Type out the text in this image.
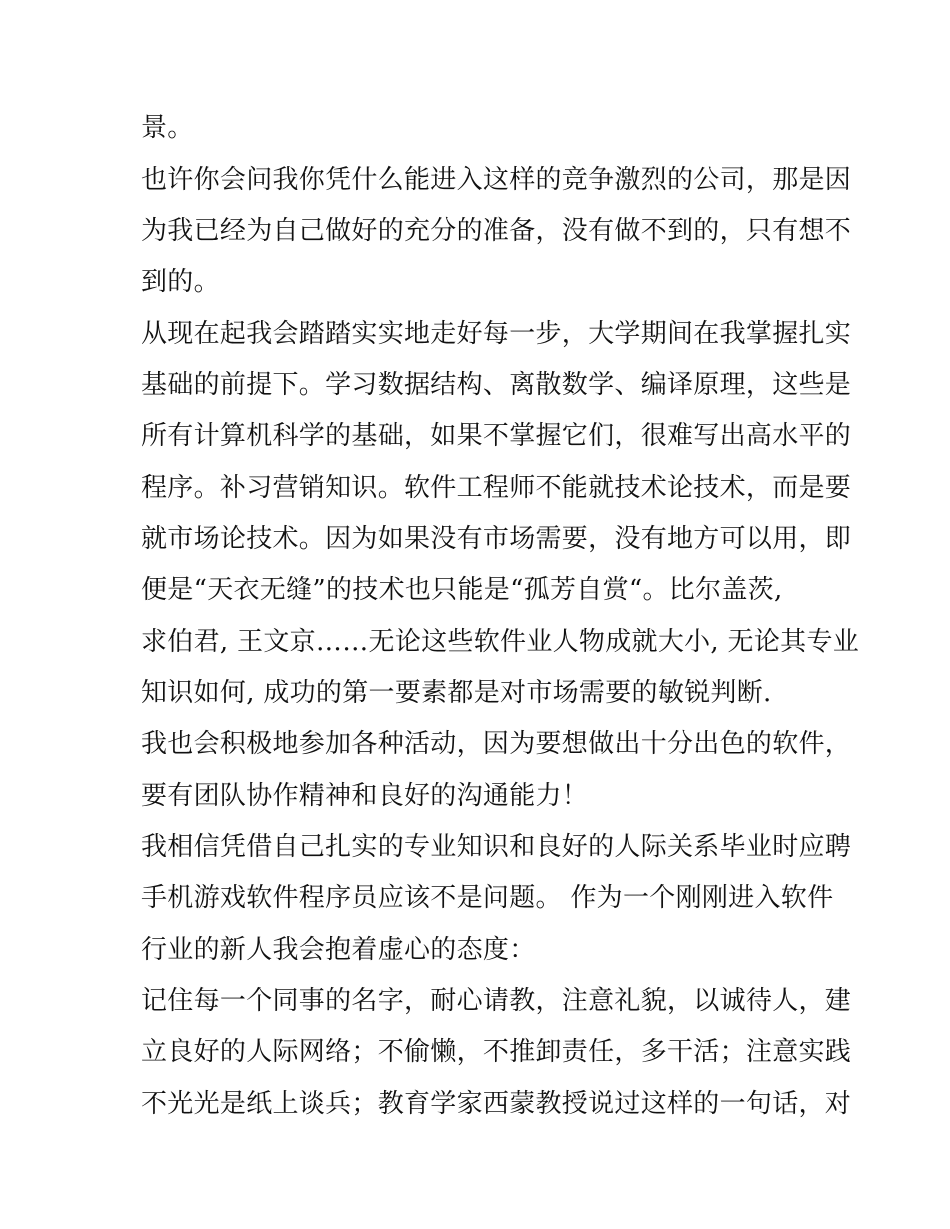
景。
也许你会问我你凭什么能进入这样的竞争激烈的公司，那是因
为我已经为自己做好的充分的准备，没有做不到的，只有想不
到的。
从现在起我会踏踏实实地走好每一步，大学期间在我掌握扎实
基础的前提下。学习数据结构、离散数学、编译原理，这些是
所有计算机科学的基础，如果不掌握它们，很难写出高水平的
程序。补习营销知识。软件工程师不能就技术论技术，而是要
就市场论技术。因为如果没有市场需要，没有地方可以用，即
便是“天衣无缝”的技术也只能是“孤芳自赏“。比尔盖茨,
求伯君, 王文京……无论这些软件业人物成就大小, 无论其专业
知识如何, 成功的第一要素都是对市场需要的敏锐判断.
我也会积极地参加各种活动，因为要想做出十分出色的软件，
要有团队协作精神和良好的沟通能力！
我相信凭借自己扎实的专业知识和良好的人际关系毕业时应聘
手机游戏软件程序员应该不是问题。 作为一个刚刚进入软件
行业的新人我会抱着虚心的态度：
记住每一个同事的名字，耐心请教，注意礼貌，以诚待人，建
立良好的人际网络；不偷懒，不推卸责任，多干活；注意实践
不光光是纸上谈兵；教育学家西蒙教授说过这样的一句话，对
